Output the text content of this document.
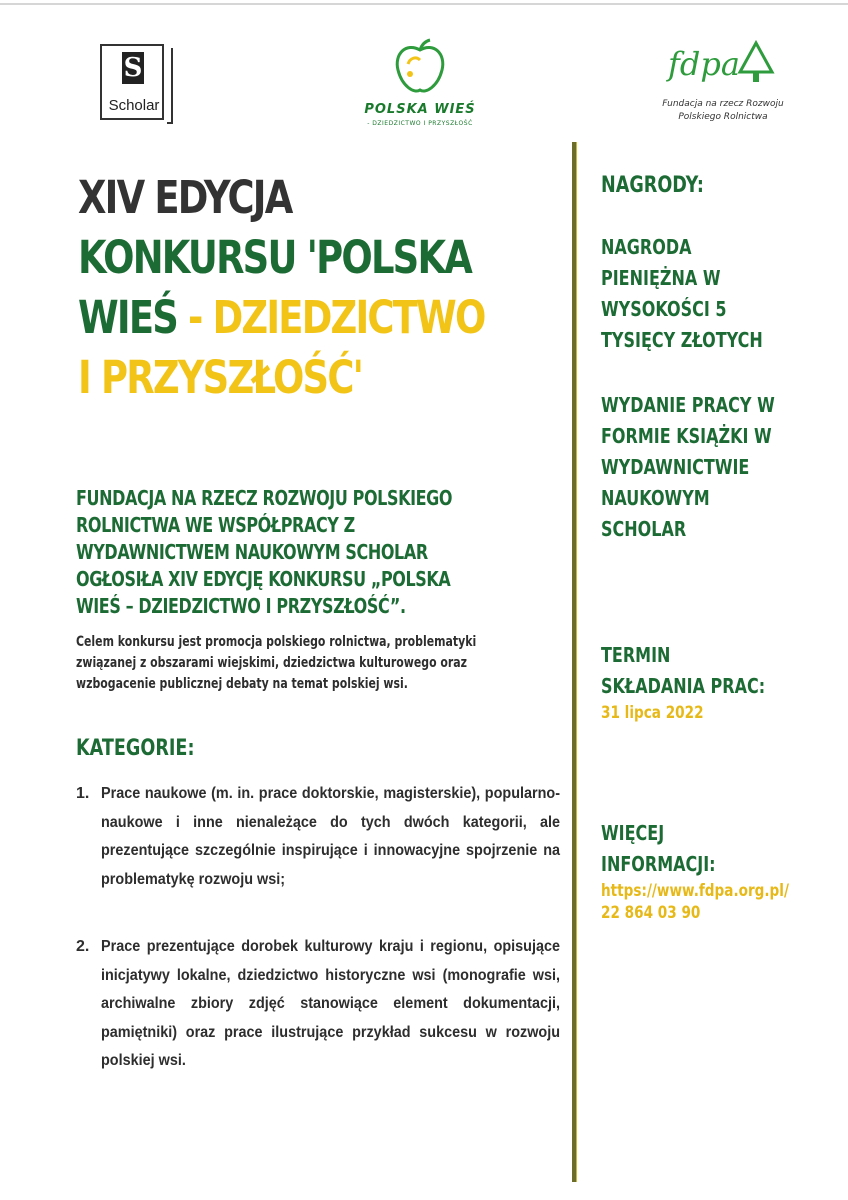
S
Scholar	POLSKA WIEŚ
- DZIEDZICTWO I PRZYSZŁOŚĆ
fdpa
Fundacja na rzecz Rozwoju
Polskiego Rolnictwa
XIV EDYCJA
KONKURSU 'POLSKA
WIEŚ - DZIEDZICTWO
I PRZYSZŁOŚĆ'
FUNDACJA NA RZECZ ROZWOJU POLSKIEGO
ROLNICTWA WE WSPÓŁPRACY Z
WYDAWNICTWEM NAUKOWYM SCHOLAR
OGŁOSIŁA XIV EDYCJĘ KONKURSU „POLSKA
WIEŚ – DZIEDZICTWO I PRZYSZŁOŚĆ”.
Celem konkursu jest promocja polskiego rolnictwa, problematyki
związanej z obszarami wiejskimi, dziedzictwa kulturowego oraz
wzbogacenie publicznej debaty na temat polskiej wsi.
KATEGORIE:
1. Prace naukowe (m. in. prace doktorskie, magisterskie), popularno-naukowe i inne nienależące do tych dwóch kategorii, ale prezentujące szczególnie inspirujące i innowacyjne spojrzenie na problematykę rozwoju wsi;
2. Prace prezentujące dorobek kulturowy kraju i regionu, opisujące inicjatywy lokalne, dziedzictwo historyczne wsi (monografie wsi, archiwalne zbiory zdjęć stanowiące element dokumentacji, pamiętniki) oraz prace ilustrujące przykład sukcesu w rozwoju polskiej wsi.
NAGRODY:
NAGRODA
PIENIĘŻNA W
WYSOKOŚCI 5
TYSIĘCY ZŁOTYCH
WYDANIE PRACY W
FORMIE KSIĄŻKI W
WYDAWNICTWIE
NAUKOWYM
SCHOLAR
TERMIN
SKŁADANIA PRAC:
31 lipca 2022
WIĘCEJ
INFORMACJI:
https://www.fdpa.org.pl/
22 864 03 90
